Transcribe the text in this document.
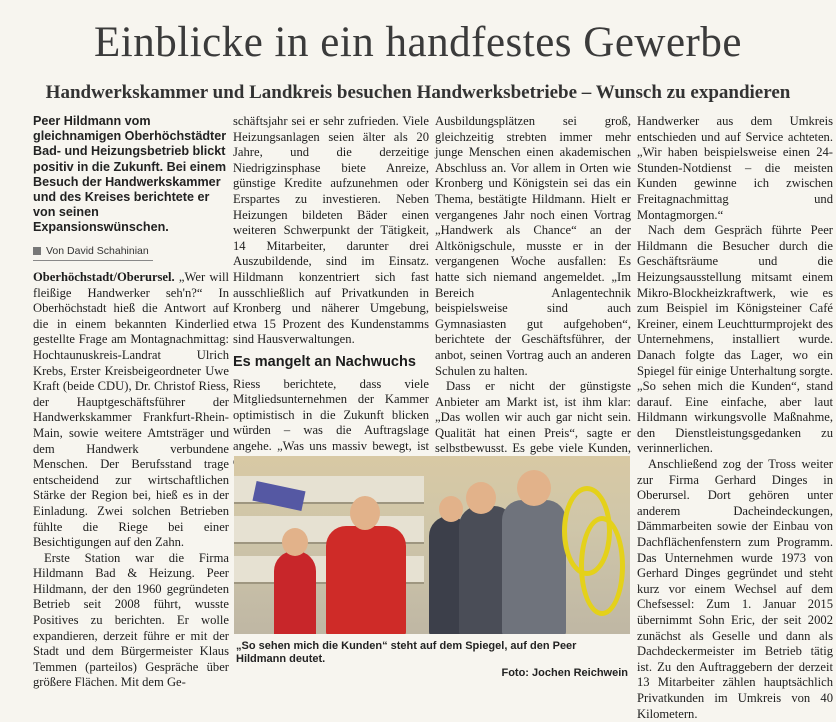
Einblicke in ein handfestes Gewerbe
Handwerkskammer und Landkreis besuchen Handwerksbetriebe – Wunsch zu expandieren
Peer Hildmann vom gleichnamigen Oberhöchstädter Bad- und Heizungsbetrieb blickt positiv in die Zukunft. Bei einem Besuch der Handwerkskammer und des Kreises berichtete er von seinen Expansionswünschen.
Von David Schahinian

Oberhöchstadt/Oberursel. „Wer will fleißige Handwerker seh'n?“ In Oberhöchstadt hieß die Antwort auf die in einem bekannten Kinderlied gestellte Frage am Montagnachmittag: Hochtaunuskreis-Landrat Ulrich Krebs, Erster Kreisbeigeordneter Uwe Kraft (beide CDU), Dr. Christof Riess, der Hauptgeschäftsführer der Handwerkskammer Frankfurt-Rhein-Main, sowie weitere Amtsträger und dem Handwerk verbundene Menschen. Der Berufsstand trage entscheidend zur wirtschaftlichen Stärke der Region bei, hieß es in der Einladung. Zwei solchen Betrieben fühlte die Riege bei einer Besichtigungen auf den Zahn.

Erste Station war die Firma Hildmann Bad & Heizung. Peer Hildmann, der den 1960 gegründeten Betrieb seit 2008 führt, wusste Positives zu berichten. Er wolle expandieren, derzeit führe er mit der Stadt und dem Bürgermeister Klaus Temmen (parteilos) Gespräche über größere Flächen. Mit dem Ge-

schäftsjahr sei er sehr zufrieden. Viele Heizungsanlagen seien älter als 20 Jahre, und die derzeitige Niedrigzinsphase biete Anreize, günstige Kredite aufzunehmen oder Erspartes zu investieren. Neben Heizungen bildeten Bäder einen weiteren Schwerpunkt der Tätigkeit, 14 Mitarbeiter, darunter drei Auszubildende, sind im Einsatz. Hildmann konzentriert sich fast ausschließlich auf Privatkunden in Kronberg und näherer Umgebung, etwa 15 Prozent des Kundenstamms sind Hausverwaltungen.

Es mangelt an Nachwuchs

Riess berichtete, dass viele Mitgliedsunternehmen der Kammer optimistisch in die Zukunft blicken würden – was die Auftragslage angehe. „Was uns massiv bewegt, ist

Ausbildungsplätzen sei groß, gleichzeitig strebten immer mehr junge Menschen einen akademischen Abschluss an. Vor allem in Orten wie Kronberg und Königstein sei das ein Thema, bestätigte Hildmann. Hielt er vergangenes Jahr noch einen Vortrag „Handwerk als Chance“ an der Altkönigschule, musste er in der vergangenen Woche ausfallen: Es hatte sich niemand angemeldet. „Im Bereich Anlagentechnik beispielsweise sind auch Gymnasiasten gut aufgehoben“, berichtete der Geschäftsführer, der anbot, seinen Vortrag auch an anderen Schulen zu halten.

Dass er nicht der günstigste Anbieter am Markt ist, ist ihm klar: „Das wollen wir auch gar nicht sein. Qualität hat einen Preis“, sagte er selbstbewusst. Es gebe viele Kunden,

Handwerker aus dem Umkreis entschieden und auf Service achteten. „Wir haben beispielsweise einen 24-Stunden-Notdienst – die meisten Kunden gewinne ich zwischen Freitagnachmittag und Montagmorgen.“

Nach dem Gespräch führte Peer Hildmann die Besucher durch die Geschäftsräume und die Heizungsausstellung mitsamt einem Mikro-Blockheizkraftwerk, wie es zum Beispiel im Königsteiner Café Kreiner, einem Leuchtturmprojekt des Unternehmens, installiert wurde. Danach folgte das Lager, wo ein Spiegel für einige Unterhaltung sorgte. „So sehen mich die Kunden“, stand darauf. Eine einfache, aber laut Hildmann wirkungsvolle Maßnahme, den Dienstleistungsgedanken zu verinnerlichen.

Anschließend zog der Tross weiter zur Firma Gerhard Dinges in Oberursel. Dort gehören unter anderem Dacheindeckungen, Dämmarbeiten sowie der Einbau von Dachflächenfenstern zum Programm. Das Unternehmen wurde 1973 von Gerhard Dinges gegründet und steht kurz vor einem Wechsel auf dem Chefsessel: Zum 1. Januar 2015 übernimmt Sohn Eric, der seit 2002 zunächst als Geselle und dann als Dachdeckermeister im Betrieb tätig ist. Zu den Auftraggebern der derzeit 13 Mitarbeiter zählen hauptsächlich Privatkunden im Umkreis von 40 Kilometern.

„So sehen mich die Kunden“ steht auf dem Spiegel, auf den Peer Hildmann deutet.
Foto: Jochen Reichwein
